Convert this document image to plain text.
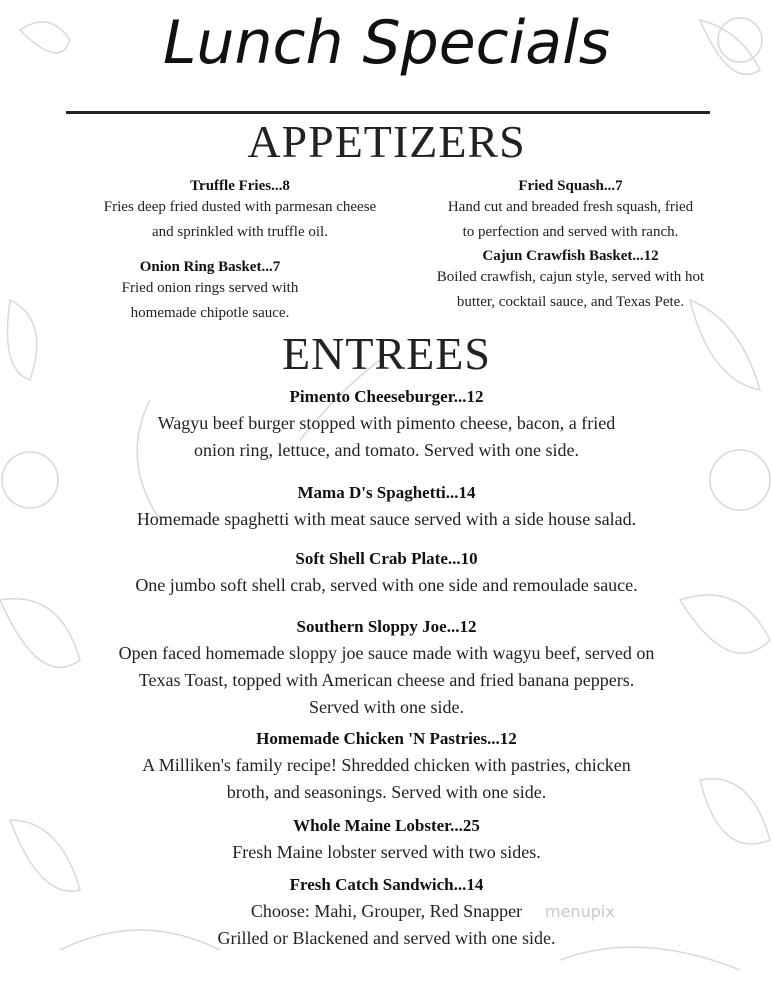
Lunch Specials
APPETIZERS
Truffle Fries...8
Fries deep fried dusted with parmesan cheese
and sprinkled with truffle oil.
Onion Ring Basket...7
Fried onion rings served with
homemade chipotle sauce.
Fried Squash...7
Hand cut and breaded fresh squash, fried
to perfection and served with ranch.
Cajun Crawfish Basket...12
Boiled crawfish, cajun style, served with hot
butter, cocktail sauce, and Texas Pete.
ENTREES
Pimento Cheeseburger...12
Wagyu beef burger stopped with pimento cheese, bacon, a fried
onion ring, lettuce, and tomato. Served with one side.
Mama D's Spaghetti...14
Homemade spaghetti with meat sauce served with a side house salad.
Soft Shell Crab Plate...10
One jumbo soft shell crab, served with one side and remoulade sauce.
Southern Sloppy Joe...12
Open faced homemade sloppy joe sauce made with wagyu beef, served on
Texas Toast, topped with American cheese and fried banana peppers.
Served with one side.
Homemade Chicken 'N Pastries...12
A Milliken's family recipe! Shredded chicken with pastries, chicken
broth, and seasonings. Served with one side.
Whole Maine Lobster...25
Fresh Maine lobster served with two sides.
Fresh Catch Sandwich...14
Choose: Mahi, Grouper, Red Snapper
Grilled or Blackened and served with one side.
menupix
